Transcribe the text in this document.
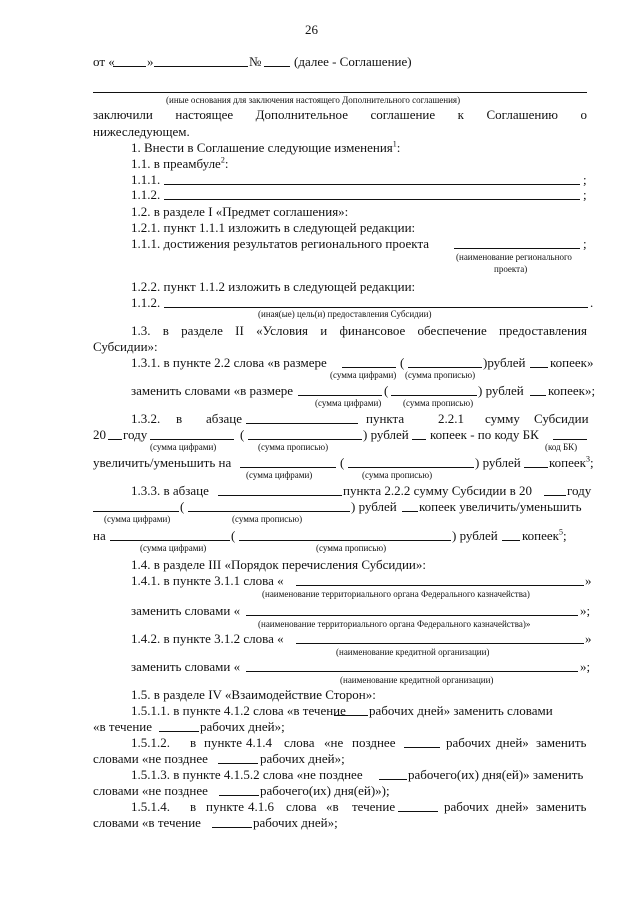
26
от « »	№	(далее - Соглашение)
(иные основания для заключения настоящего Дополнительного соглашения)
заключили настоящее Дополнительное соглашение к Соглашению о
нижеследующем.
1. Внести в Соглашение следующие изменения$^1$:
1.1. в преамбуле$^2$:
1.1.1.	;
1.1.2.	;
1.2. в разделе I «Предмет соглашения»:
1.2.1. пункт 1.1.1 изложить в следующей редакции:
1.1.1. достижения результатов регионального проекта	;
(наименование регионального
проекта)
1.2.2. пункт 1.1.2 изложить в следующей редакции:
1.1.2.	.
(иная(ые) цель(и) предоставления Субсидии)
1.3. в разделе II «Условия и финансовое обеспечение предоставления
Субсидии»:
1.3.1. в пункте 2.2 слова «в размере	(	)рублей копеек»
(сумма цифрами) (сумма прописью)
заменить словами «в размере	(	) рублей копеек»;
(сумма цифрами) (сумма прописью)
1.3.2. в абзаце	пункта	2.2.1 сумму Субсидии
20 году	(	) рублей копеек - по коду БК
(сумма цифрами)	(сумма прописью)	(код БК)
увеличить/уменьшить на	(	) рублей копеек$^3$;
(сумма цифрами)	(сумма прописью)
1.3.3. в абзаце	пункта 2.2.2 сумму Субсидии в 20	году
(	) рублей копеек увеличить/уменьшить
(сумма цифрами)	(сумма прописью)
на	(	) рублей копеек$^5$;
(сумма цифрами)	(сумма прописью)
1.4. в разделе III «Порядок перечисления Субсидии»:
1.4.1. в пункте 3.1.1 слова «	»
(наименование территориального органа Федерального казначейства)
заменить словами «	»;
(наименование территориального органа Федерального казначейства)»
1.4.2. в пункте 3.1.2 слова «	»
(наименование кредитной организации)
заменить словами «	»;
(наименование кредитной организации)
1.5. в разделе IV «Взаимодействие Сторон»:
1.5.1.1. в пункте 4.1.2 слова «в течение рабочих дней» заменить словами
«в течение	рабочих дней»;
1.5.1.2. в пункте 4.1.4 слова «не позднее	рабочих дней» заменить
словами «не позднее	рабочих дней»;
1.5.1.3. в пункте 4.1.5.2 слова «не позднее	рабочего(их) дня(ей)» заменить
словами «не позднее	рабочего(их) дня(ей)»);
1.5.1.4. в пункте 4.1.6 слова «в течение	рабочих дней» заменить
словами «в течение	рабочих дней»;
